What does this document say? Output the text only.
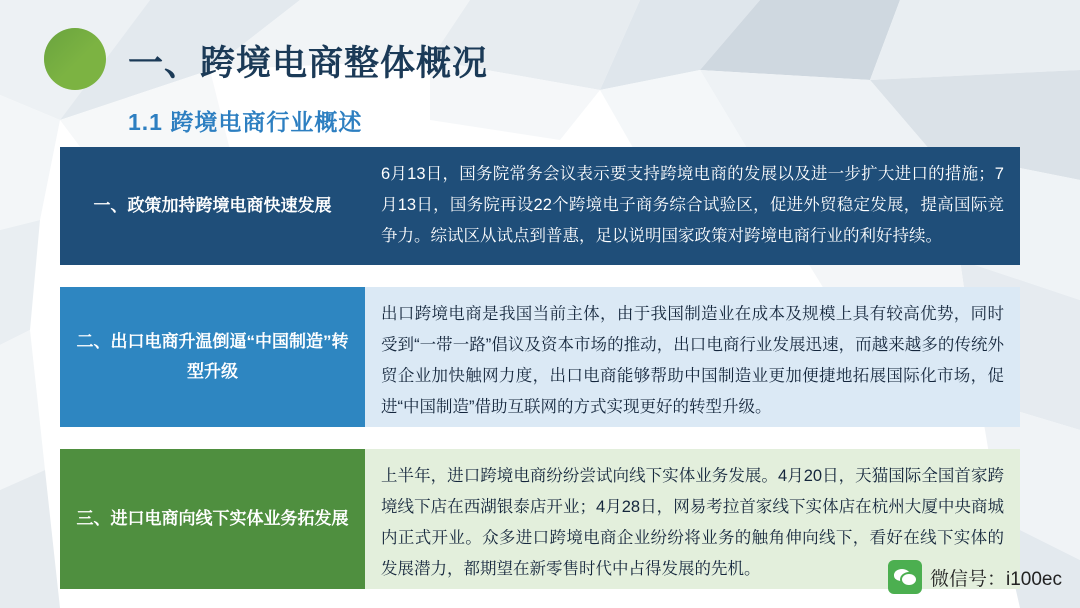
一、跨境电商整体概况
1.1 跨境电商行业概述
一、政策加持跨境电商快速发展
6月13日，国务院常务会议表示要支持跨境电商的发展以及进一步扩大进口的措施；7月13日，国务院再设22个跨境电子商务综合试验区，促进外贸稳定发展，提高国际竞争力。综试区从试点到普惠，足以说明国家政策对跨境电商行业的利好持续。
二、出口电商升温倒逼“中国制造”转型升级
出口跨境电商是我国当前主体，由于我国制造业在成本及规模上具有较高优势，同时受到“一带一路”倡议及资本市场的推动，出口电商行业发展迅速，而越来越多的传统外贸企业加快触网力度，出口电商能够帮助中国制造业更加便捷地拓展国际化市场，促进“中国制造”借助互联网的方式实现更好的转型升级。
三、进口电商向线下实体业务拓发展
上半年，进口跨境电商纷纷尝试向线下实体业务发展。4月20日，天猫国际全国首家跨境线下店在西湖银泰店开业；4月28日，网易考拉首家线下实体店在杭州大厦中央商城内正式开业。众多进口跨境电商企业纷纷将业务的触角伸向线下，看好在线下实体的发展潜力，都期望在新零售时代中占得发展的先机。	微信号：i100ec
